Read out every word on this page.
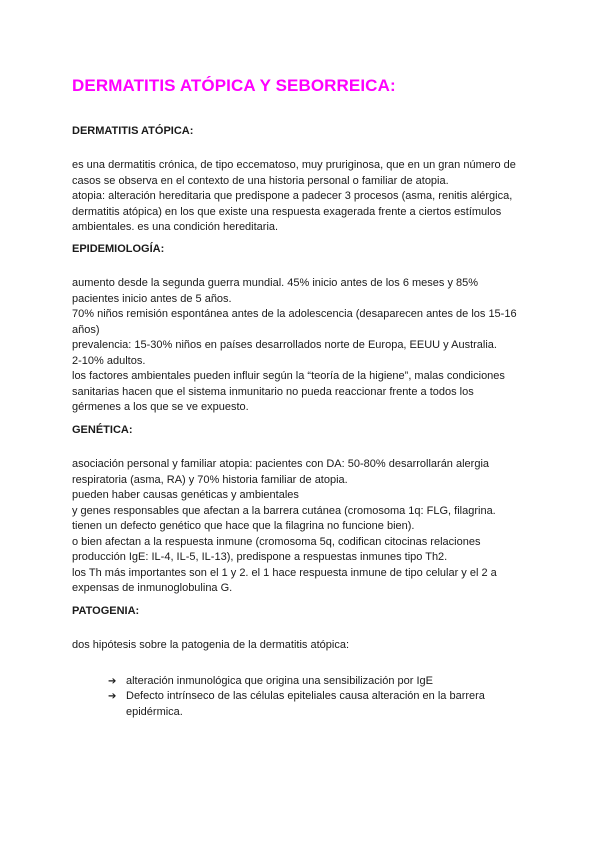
DERMATITIS ATÓPICA Y SEBORREICA:
DERMATITIS ATÓPICA:

es una dermatitis crónica, de tipo eccematoso, muy pruriginosa, que en un gran número de
casos se observa en el contexto de una historia personal o familiar de atopia.
atopia: alteración hereditaria que predispone a padecer 3 procesos (asma, renitis alérgica,
dermatitis atópica) en los que existe una respuesta exagerada frente a ciertos estímulos
ambientales. es una condición hereditaria.

EPIDEMIOLOGÍA:

aumento desde la segunda guerra mundial. 45% inicio antes de los 6 meses y 85%
pacientes inicio antes de 5 años.
70% niños remisión espontánea antes de la adolescencia (desaparecen antes de los 15-16
años)
prevalencia: 15-30% niños en países desarrollados norte de Europa, EEUU y Australia.
2-10% adultos.
los factores ambientales pueden influir según la “teoría de la higiene”, malas condiciones
sanitarias hacen que el sistema inmunitario no pueda reaccionar frente a todos los
gérmenes a los que se ve expuesto.

GENÉTICA:

asociación personal y familiar atopia: pacientes con DA: 50-80% desarrollarán alergia
respiratoria (asma, RA) y 70% historia familiar de atopia.
pueden haber causas genéticas y ambientales
y genes responsables que afectan a la barrera cutánea (cromosoma 1q: FLG, filagrina.
tienen un defecto genético que hace que la filagrina no funcione bien).
o bien afectan a la respuesta inmune (cromosoma 5q, codifican citocinas relaciones
producción IgE: IL-4, IL-5, IL-13), predispone a respuestas inmunes tipo Th2.
los Th más importantes son el 1 y 2. el 1 hace respuesta inmune de tipo celular y el 2 a
expensas de inmunoglobulina G.

PATOGENIA:

dos hipótesis sobre la patogenia de la dermatitis atópica:

➔ alteración inmunológica que origina una sensibilización por IgE
➔ Defecto intrínseco de las células epiteliales causa alteración en la barrera
epidérmica.
